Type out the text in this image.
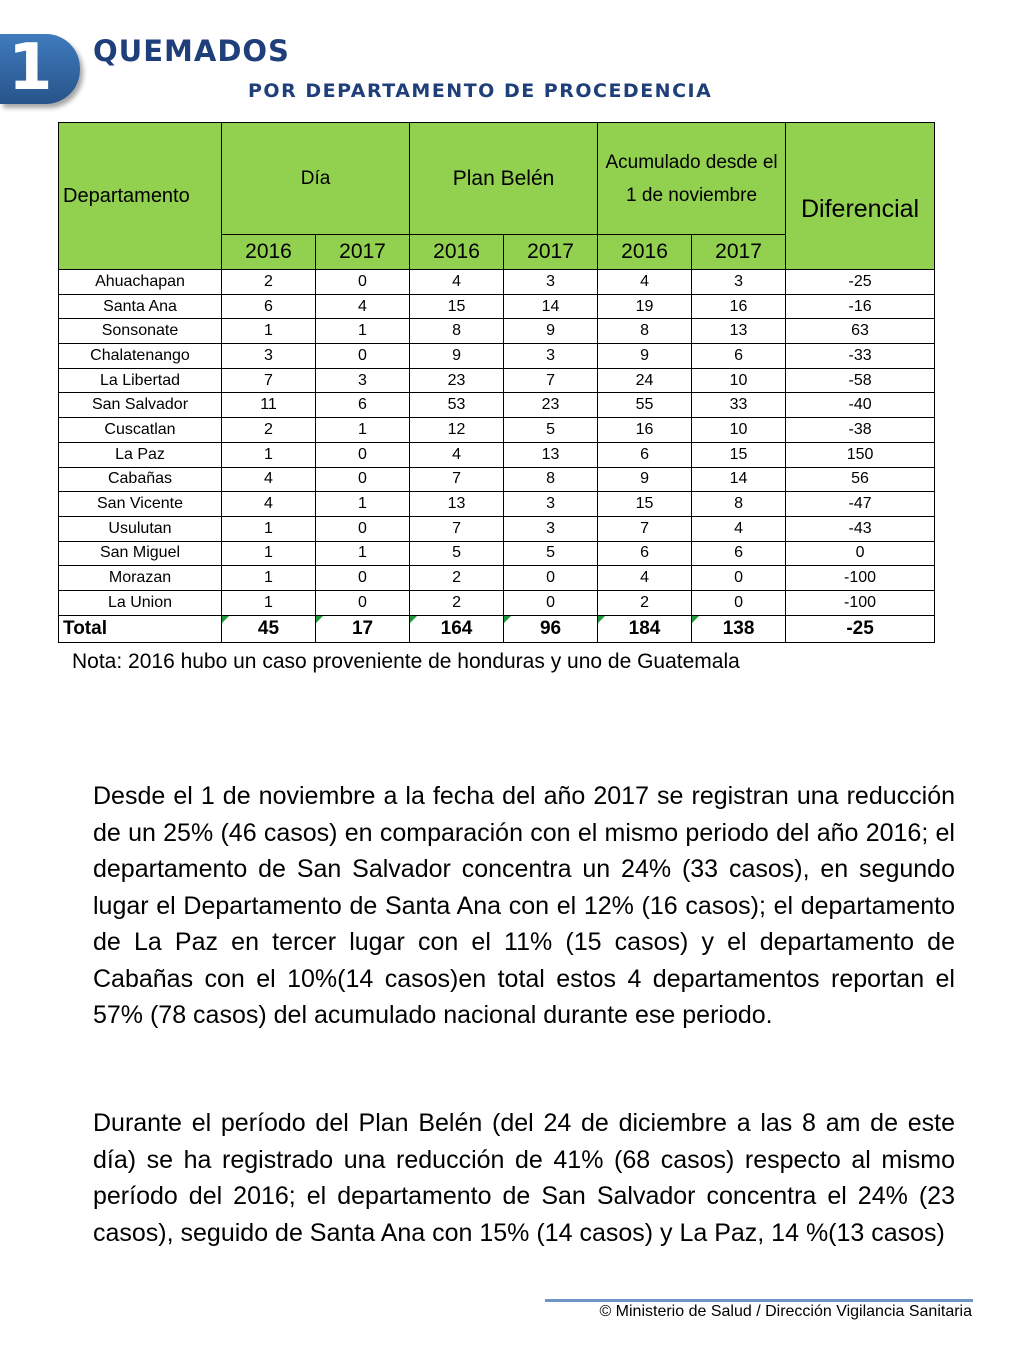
1 QUEMADOS
POR DEPARTAMENTO DE PROCEDENCIA
Departamento	Día		Plan Belén		Acumulado desde el 1 de noviembre		Diferencial
	2016	2017	2016	2017	2016	2017	
Ahuachapan	2	0	4	3	4	3	-25
Santa Ana	6	4	15	14	19	16	-16
Sonsonate	1	1	8	9	8	13	63
Chalatenango	3	0	9	3	9	6	-33
La Libertad	7	3	23	7	24	10	-58
San Salvador	11	6	53	23	55	33	-40
Cuscatlan	2	1	12	5	16	10	-38
La Paz	1	0	4	13	6	15	150
Cabañas	4	0	7	8	9	14	56
San Vicente	4	1	13	3	15	8	-47
Usulutan	1	0	7	3	7	4	-43
San Miguel	1	1	5	5	6	6	0
Morazan	1	0	2	0	4	0	-100
La Union	1	0	2	0	2	0	-100
Total	45	17	164	96	184	138	-25

Nota: 2016 hubo un caso proveniente de honduras y uno de Guatemala

Desde el 1 de noviembre a la fecha del año 2017 se registran una reducción de un 25% (46 casos) en comparación con el mismo periodo del año 2016; el departamento de San Salvador concentra un 24% (33 casos), en segundo lugar el Departamento de Santa Ana con el 12% (16 casos); el departamento de La Paz en tercer lugar con el 11% (15 casos) y el departamento de Cabañas con el 10%(14 casos)en total estos 4 departamentos reportan el 57% (78 casos) del acumulado nacional durante ese periodo.

Durante el período del Plan Belén (del 24 de diciembre a las 8 am de este día) se ha registrado una reducción de 41% (68 casos) respecto al mismo período del 2016; el departamento de San Salvador concentra el 24% (23 casos), seguido de Santa Ana con 15% (14 casos) y La Paz, 14 %(13 casos)

© Ministerio de Salud / Dirección Vigilancia Sanitaria
